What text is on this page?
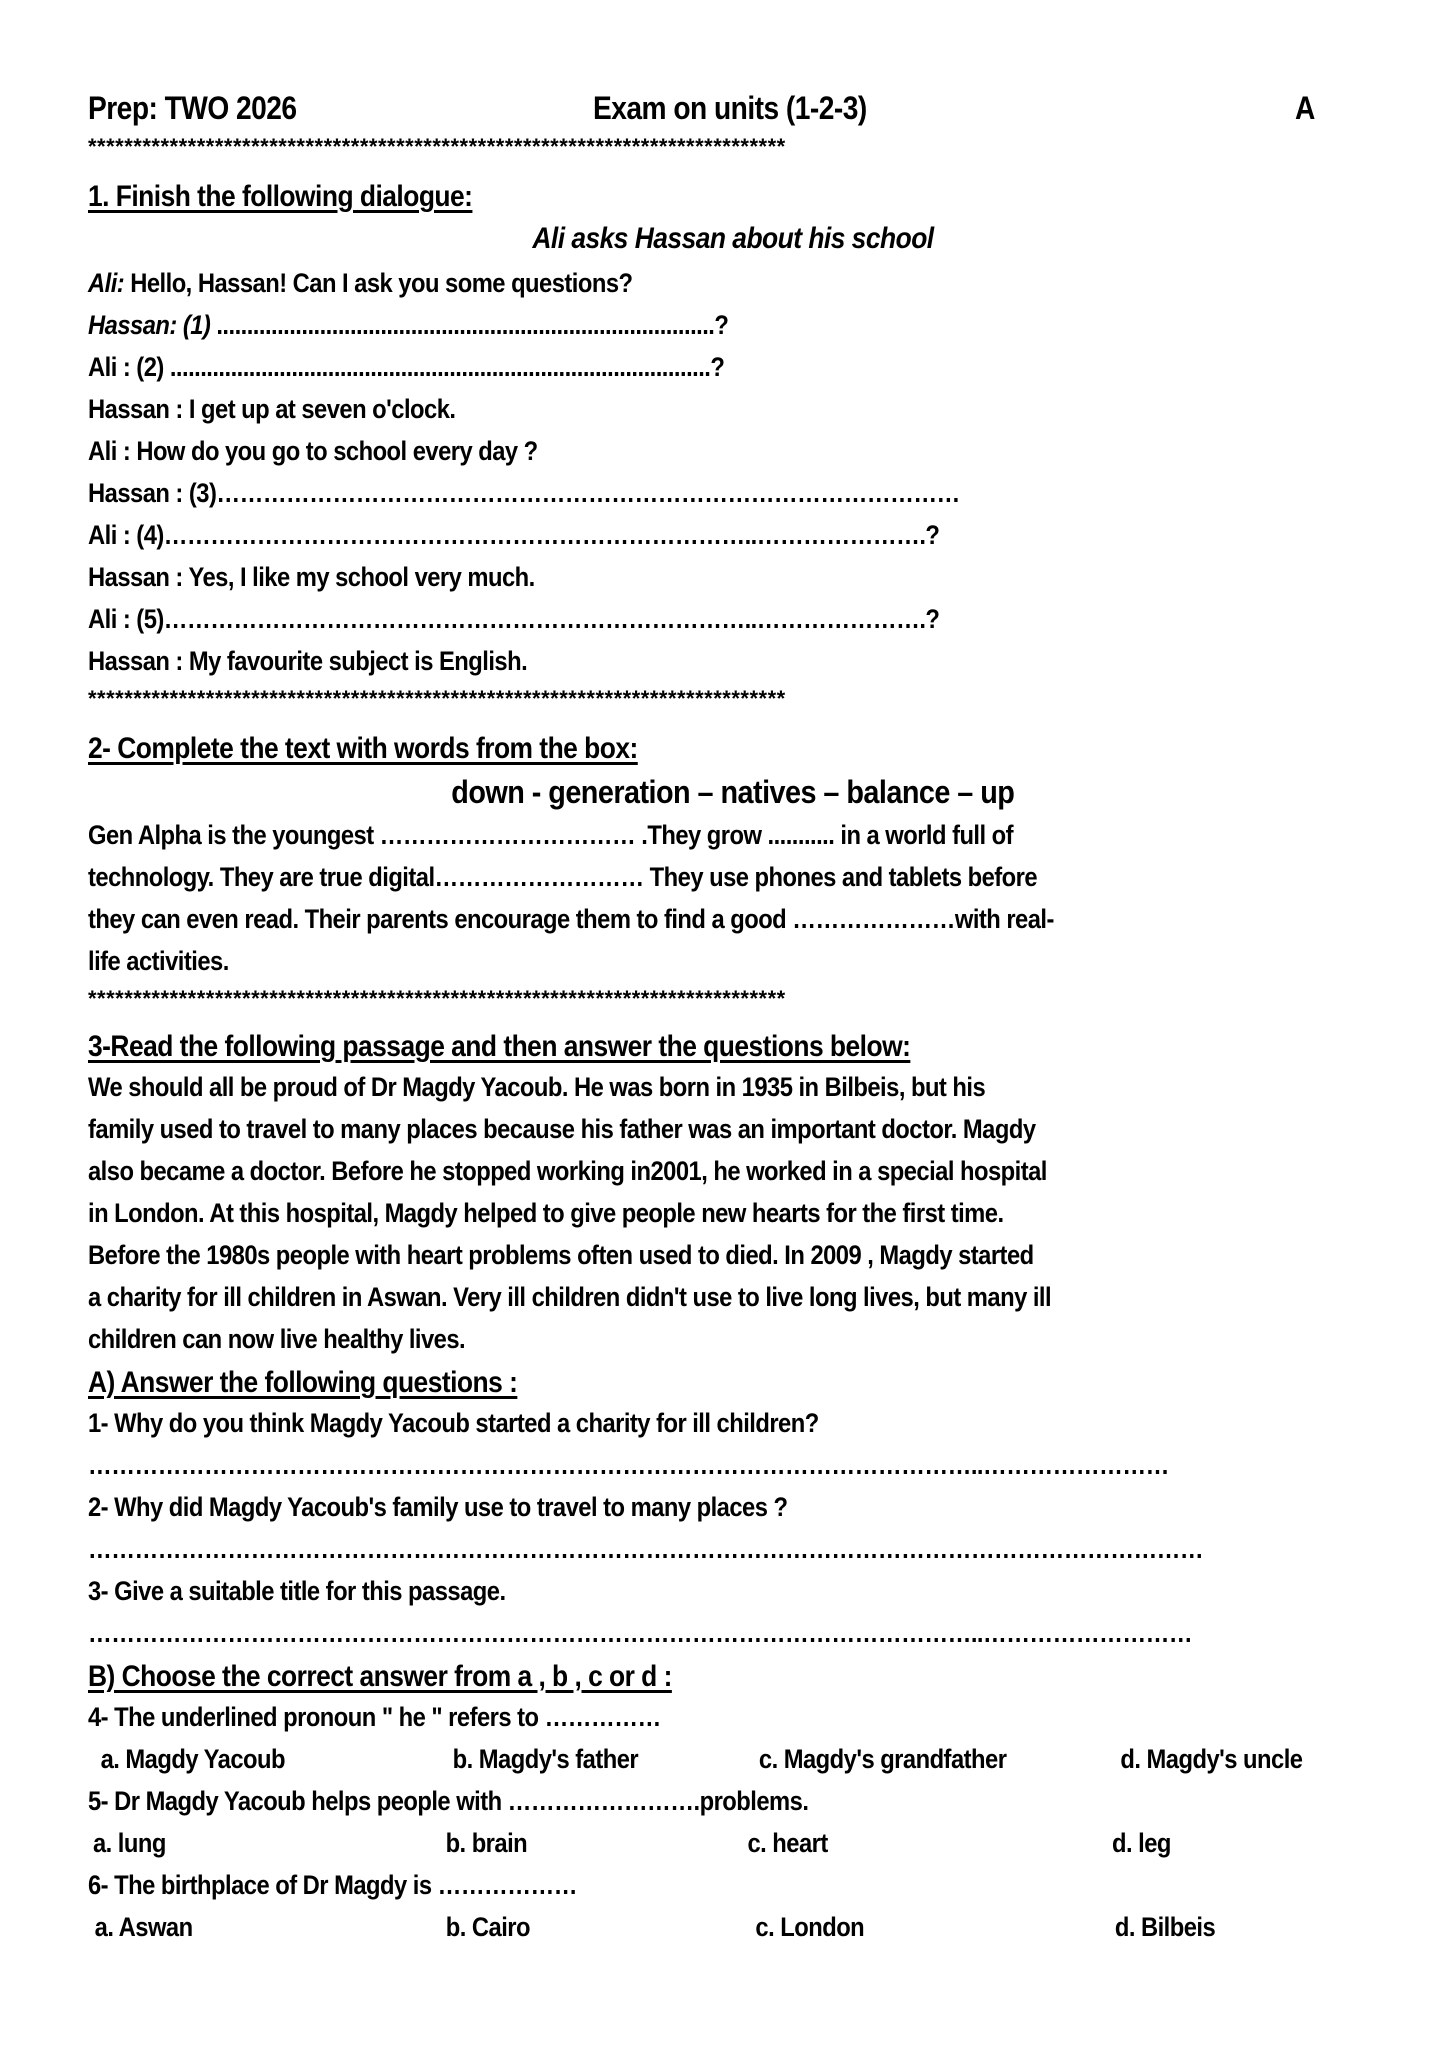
Prep: TWO 2026	Exam on units (1-2-3)	A
*****************************************************************************
1. Finish the following dialogue:
Ali asks Hassan about his school
Ali: Hello, Hassan! Can I ask you some questions?
Hassan: (1) ..................................................................................?
Ali : (2) .........................................................................................?
Hassan : I get up at seven o'clock.
Ali : How do you go to school every day ?
Hassan : (3)……………………………………………………………………………………
Ali : (4)…………………………………………………………………..………………….?
Hassan : Yes, I like my school very much.
Ali : (5)…………………………………………………………………..………………….?
Hassan : My favourite subject is English.
*****************************************************************************
2- Complete the text with words from the box:
down - generation – natives – balance – up
Gen Alpha is the youngest …………………………… .They grow ........... in a world full of
technology. They are true digital……………………… They use phones and tablets before
they can even read. Their parents encourage them to find a good …………………with real-
life activities.
*****************************************************************************
3-Read the following passage and then answer the questions below:
We should all be proud of Dr Magdy Yacoub. He was born in 1935 in Bilbeis, but his
family used to travel to many places because his father was an important doctor. Magdy
also became a doctor. Before he stopped working in2001, he worked in a special hospital
in London. At this hospital, Magdy helped to give people new hearts for the first time.
Before the 1980s people with heart problems often used to died. In 2009 , Magdy started
a charity for ill children in Aswan. Very ill children didn't use to live long lives, but many ill
children can now live healthy lives.
A) Answer the following questions :
1- Why do you think Magdy Yacoub started a charity for ill children?
……………………………………………………………………………………………………..……………………
2- Why did Magdy Yacoub's family use to travel to many places ?
………………………………………………………………………………………………………………………………
3- Give a suitable title for this passage.
……………………………………………………………………………………………………..………………………
B) Choose the correct answer from a , b , c or d :
4- The underlined pronoun " he " refers to ……………
a. Magdy Yacoub	b. Magdy's father	c. Magdy's grandfather	d. Magdy's uncle
5- Dr Magdy Yacoub helps people with …………………….problems.
a. lung	b. brain	c. heart	d. leg
6- The birthplace of Dr Magdy is ………………
a. Aswan	b. Cairo	c. London	d. Bilbeis
